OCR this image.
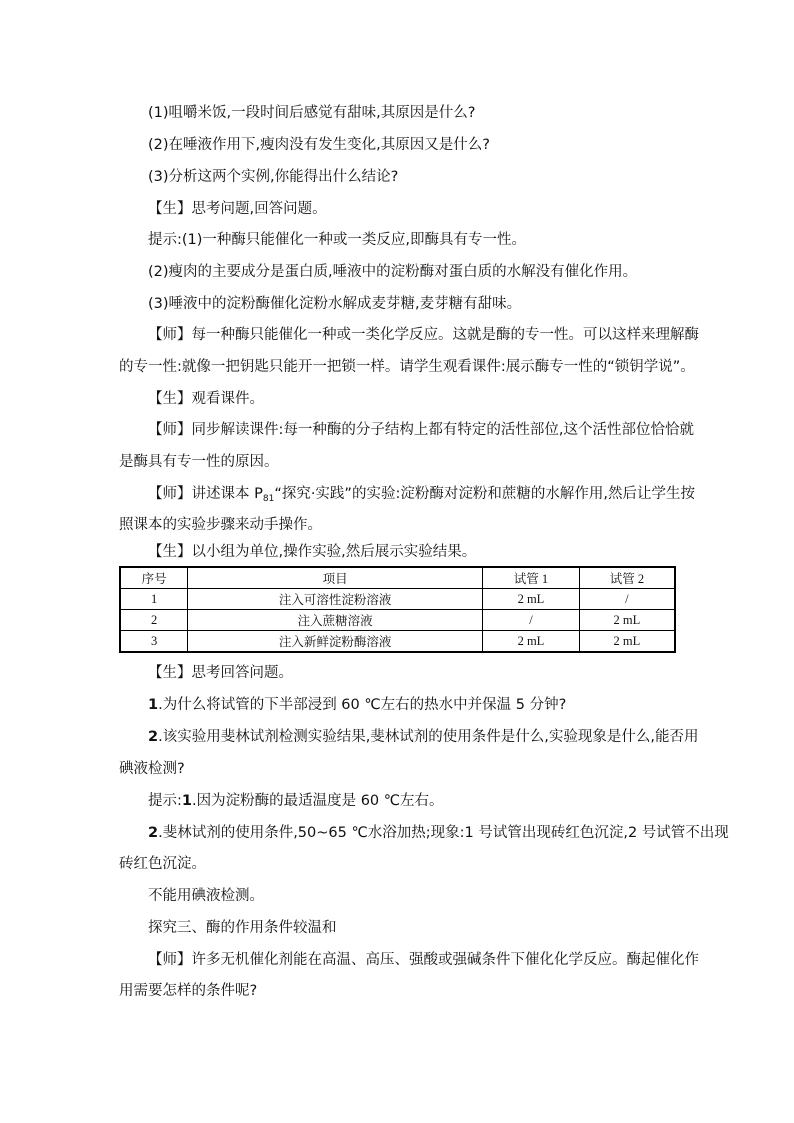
(1)咀嚼米饭,一段时间后感觉有甜味,其原因是什么?
(2)在唾液作用下,瘦肉没有发生变化,其原因又是什么?
(3)分析这两个实例,你能得出什么结论?
【生】思考问题,回答问题。
提示:(1)一种酶只能催化一种或一类反应,即酶具有专一性。
(2)瘦肉的主要成分是蛋白质,唾液中的淀粉酶对蛋白质的水解没有催化作用。
(3)唾液中的淀粉酶催化淀粉水解成麦芽糖,麦芽糖有甜味。
【师】每一种酶只能催化一种或一类化学反应。这就是酶的专一性。可以这样来理解酶
的专一性:就像一把钥匙只能开一把锁一样。请学生观看课件:展示酶专一性的“锁钥学说”。
【生】观看课件。
【师】同步解读课件:每一种酶的分子结构上都有特定的活性部位,这个活性部位恰恰就
是酶具有专一性的原因。
【师】讲述课本 $P_{81}“$探究·实践”的实验:淀粉酶对淀粉和蔗糖的水解作用,然后让学生按
照课本的实验步骤来动手操作。
【生】以小组为单位,操作实验,然后展示实验结果。
序号	项目	试管 1	试管 2
1	注入可溶性淀粉溶液	2 mL	/
2	注入蔗糖溶液	/	2 mL
3	注入新鲜淀粉酶溶液	2 mL	2 mL
【生】思考回答问题。
1.为什么将试管的下半部浸到 60 ℃左右的热水中并保温 5 分钟?
2.该实验用斐林试剂检测实验结果,斐林试剂的使用条件是什么,实验现象是什么,能否用
碘液检测?
提示:1.因为淀粉酶的最适温度是 60 ℃左右。
2.斐林试剂的使用条件,50~65 ℃水浴加热;现象:1 号试管出现砖红色沉淀,2 号试管不出现
砖红色沉淀。
不能用碘液检测。
探究三、酶的作用条件较温和
【师】许多无机催化剂能在高温、高压、强酸或强碱条件下催化化学反应。酶起催化作
用需要怎样的条件呢?
